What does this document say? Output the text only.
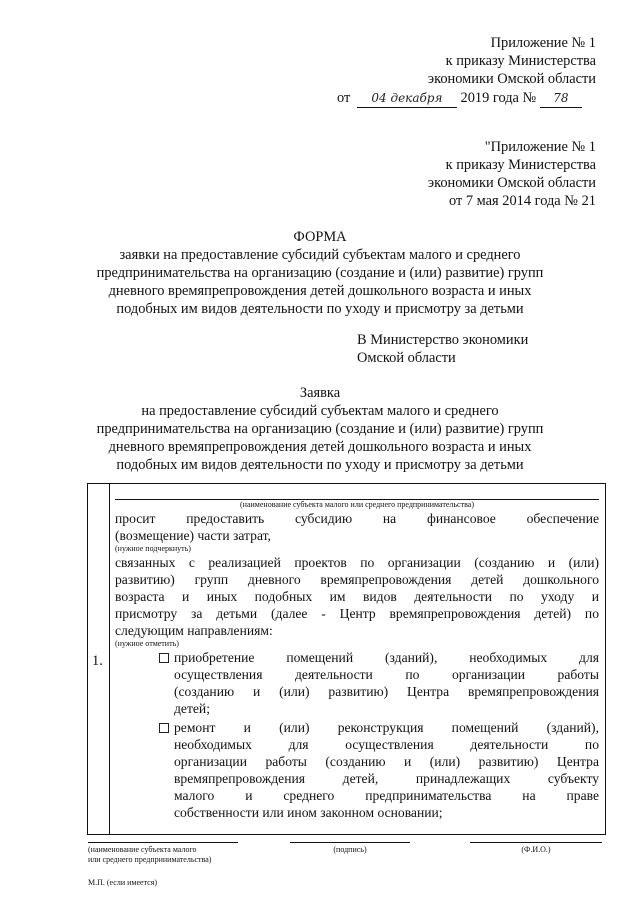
Приложение № 1
к приказу Министерства
экономики Омской области
от 04 декабря 2019 года № 78
"Приложение № 1
к приказу Министерства
экономики Омской области
от 7 мая 2014 года № 21
ФОРМА
заявки на предоставление субсидий субъектам малого и среднего
предпринимательства на организацию (создание и (или) развитие) групп
дневного времяпрепровождения детей дошкольного возраста и иных
подобных им видов деятельности по уходу и присмотру за детьми
В Министерство экономики
Омской области
Заявка
на предоставление субсидий субъектам малого и среднего
предпринимательства на организацию (создание и (или) развитие) групп
дневного времяпрепровождения детей дошкольного возраста и иных
подобных им видов деятельности по уходу и присмотру за детьми
1.
(наименование субъекта малого или среднего предпринимательства)
просит предоставить субсидию на финансовое обеспечение
(возмещение) части затрат,
(нужное подчеркнуть)
связанных с реализацией проектов по организации (созданию и (или)
развитию) групп дневного времяпрепровождения детей дошкольного
возраста и иных подобных им видов деятельности по уходу и
присмотру за детьми (далее - Центр времяпрепровождения детей) по
следующим направлениям:
(нужное отметить)
приобретение помещений (зданий), необходимых для
осуществления деятельности по организации работы
(созданию и (или) развитию) Центра времяпрепровождения
детей;
ремонт и (или) реконструкция помещений (зданий),
необходимых для осуществления деятельности по
организации работы (созданию и (или) развитию) Центра
времяпрепровождения детей, принадлежащих субъекту
малого и среднего предпринимательства на праве
собственности или ином законном основании;
(наименование субъекта малого
или среднего предпринимательства)
(подпись)	(Ф.И.О.)
М.П. (если имеется)
